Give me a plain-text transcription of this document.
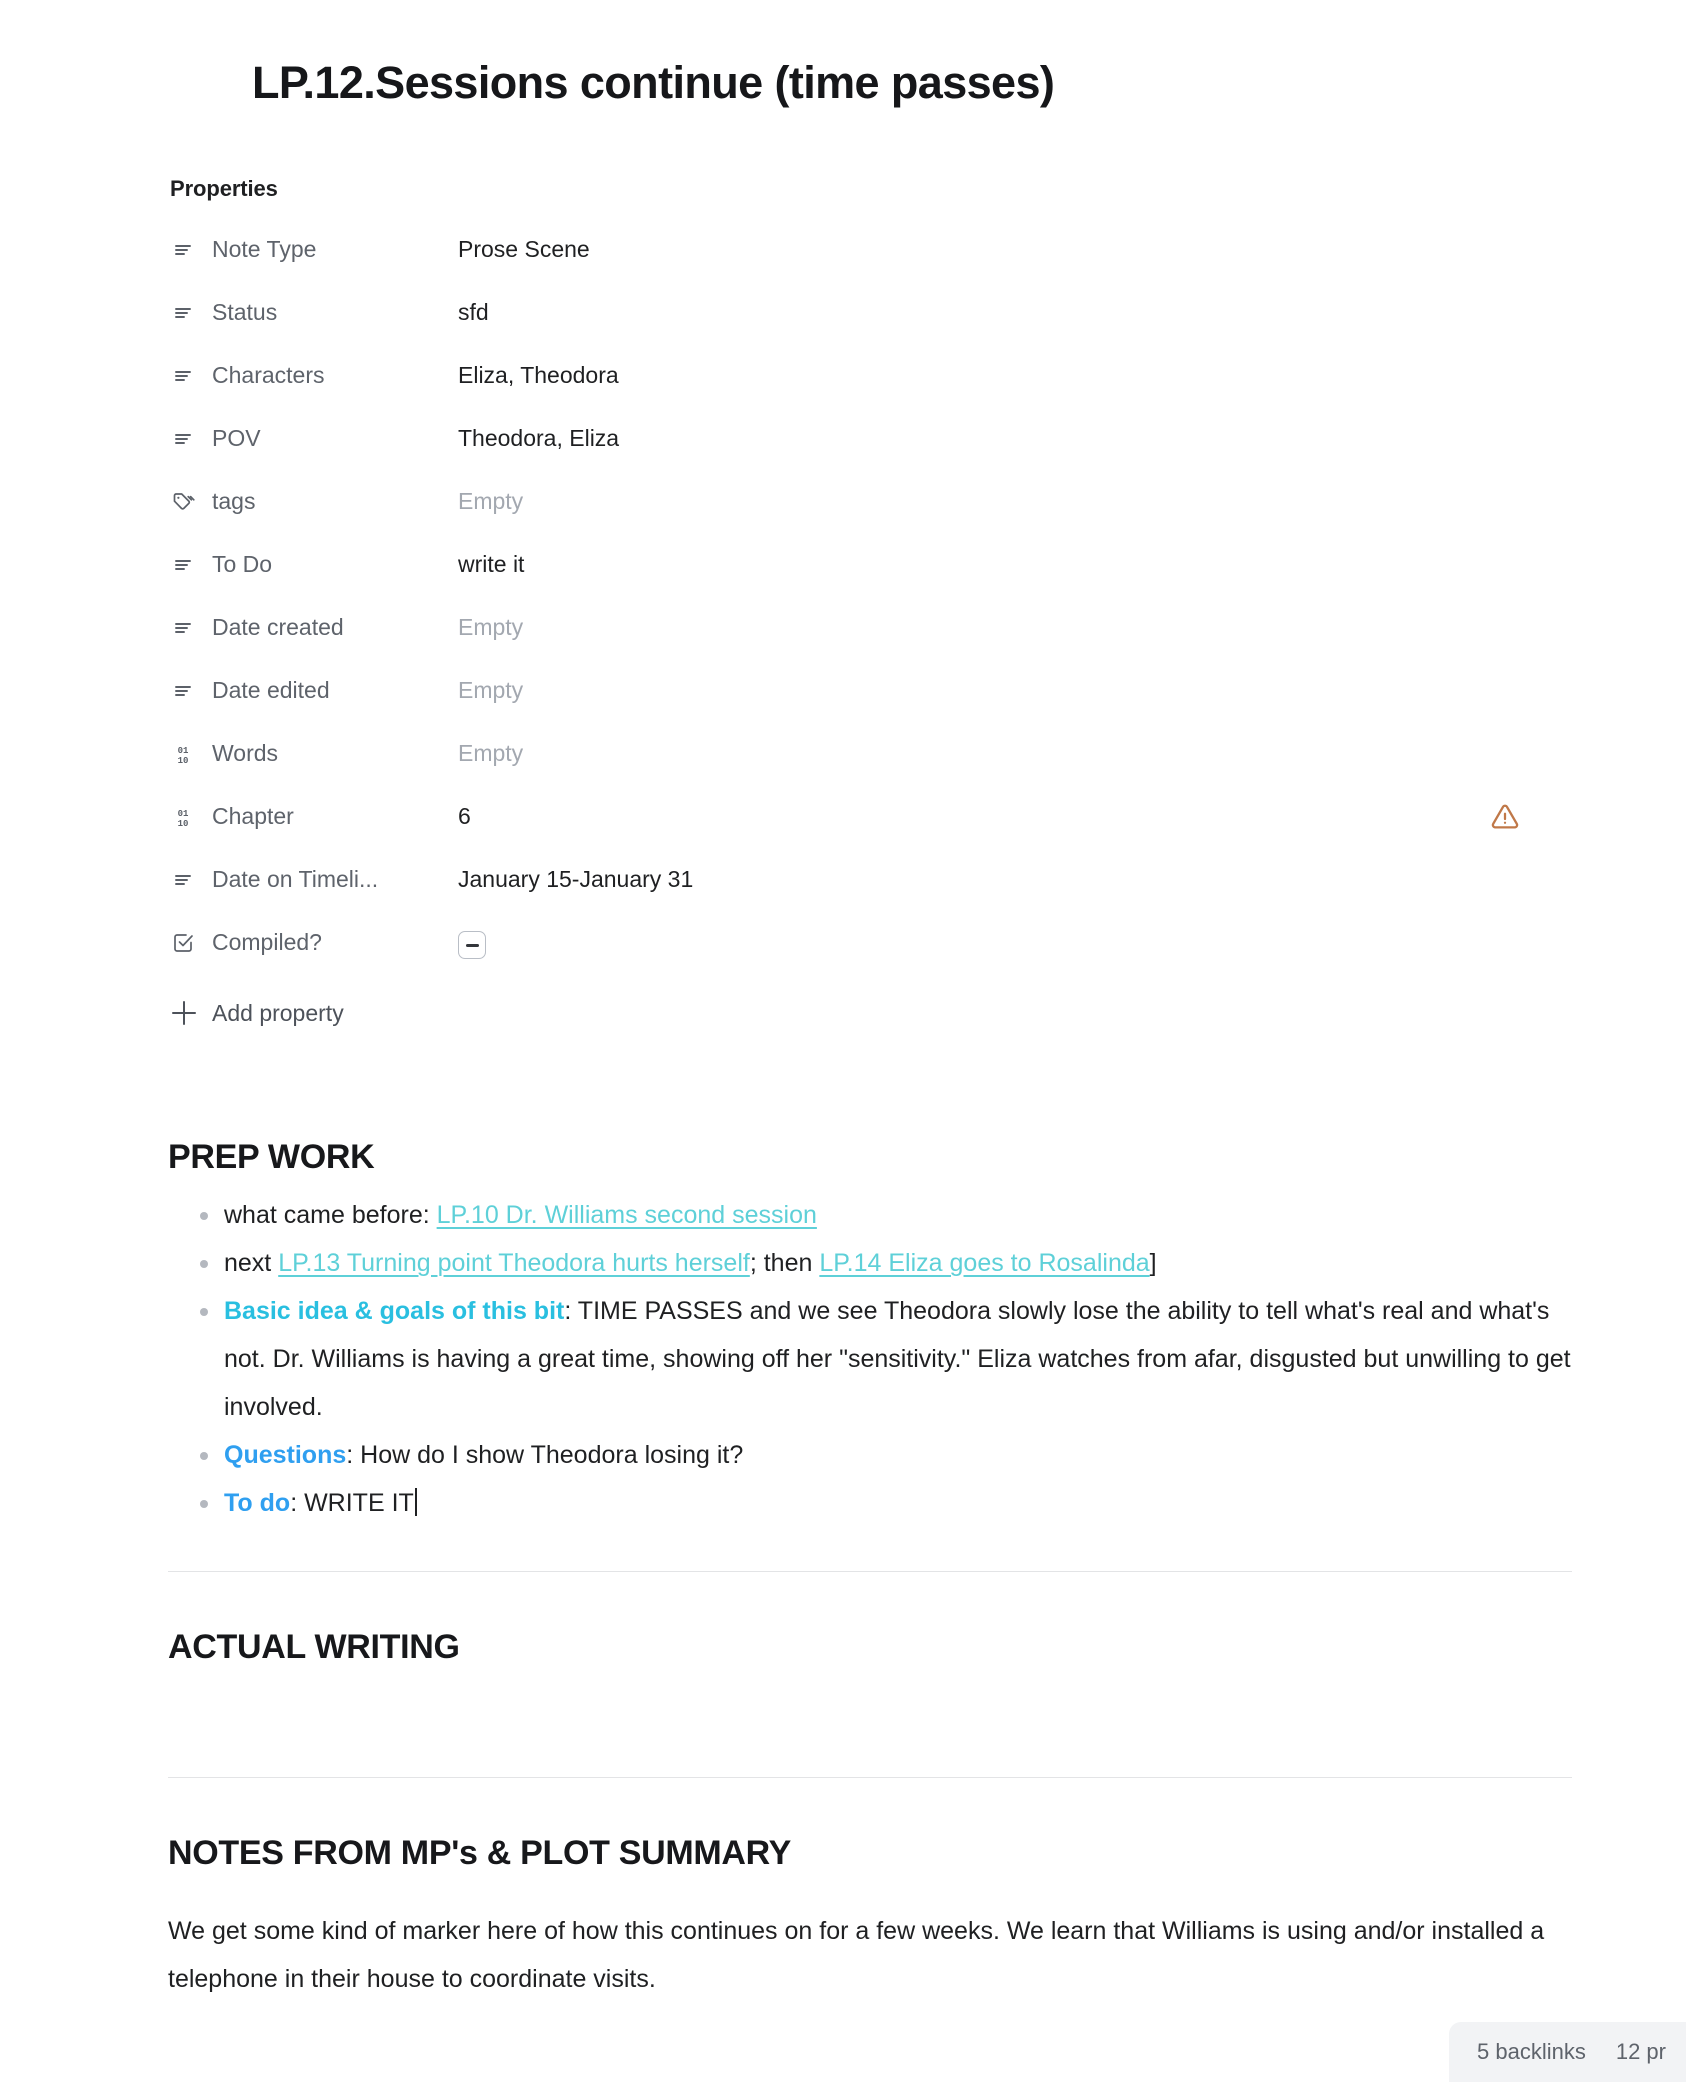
LP.12.Sessions continue (time passes)
Properties
Note Type	Prose Scene
Status	sfd
Characters	Eliza, Theodora
POV	Theodora, Eliza
tags	Empty
To Do	write it
Date created	Empty
Date edited	Empty
01
10 Words	Empty
01
10 Chapter	6
Date on Timeli...	January 15-January 31
Compiled?
Add property
PREP WORK
what came before: LP.10 Dr. Williams second session
next LP.13 Turning point Theodora hurts herself; then LP.14 Eliza goes to Rosalinda]
Basic idea & goals of this bit: TIME PASSES and we see Theodora slowly lose the ability to tell what's real and what's not. Dr. Williams is having a great time, showing off her "sensitivity." Eliza watches from afar, disgusted but unwilling to get involved.
Questions: How do I show Theodora losing it?
To do: WRITE IT
ACTUAL WRITING
NOTES FROM MP's & PLOT SUMMARY

We get some kind of marker here of how this continues on for a few weeks. We learn that Williams is using and/or installed a telephone in their house to coordinate visits.

5 backlinks 12 pr
